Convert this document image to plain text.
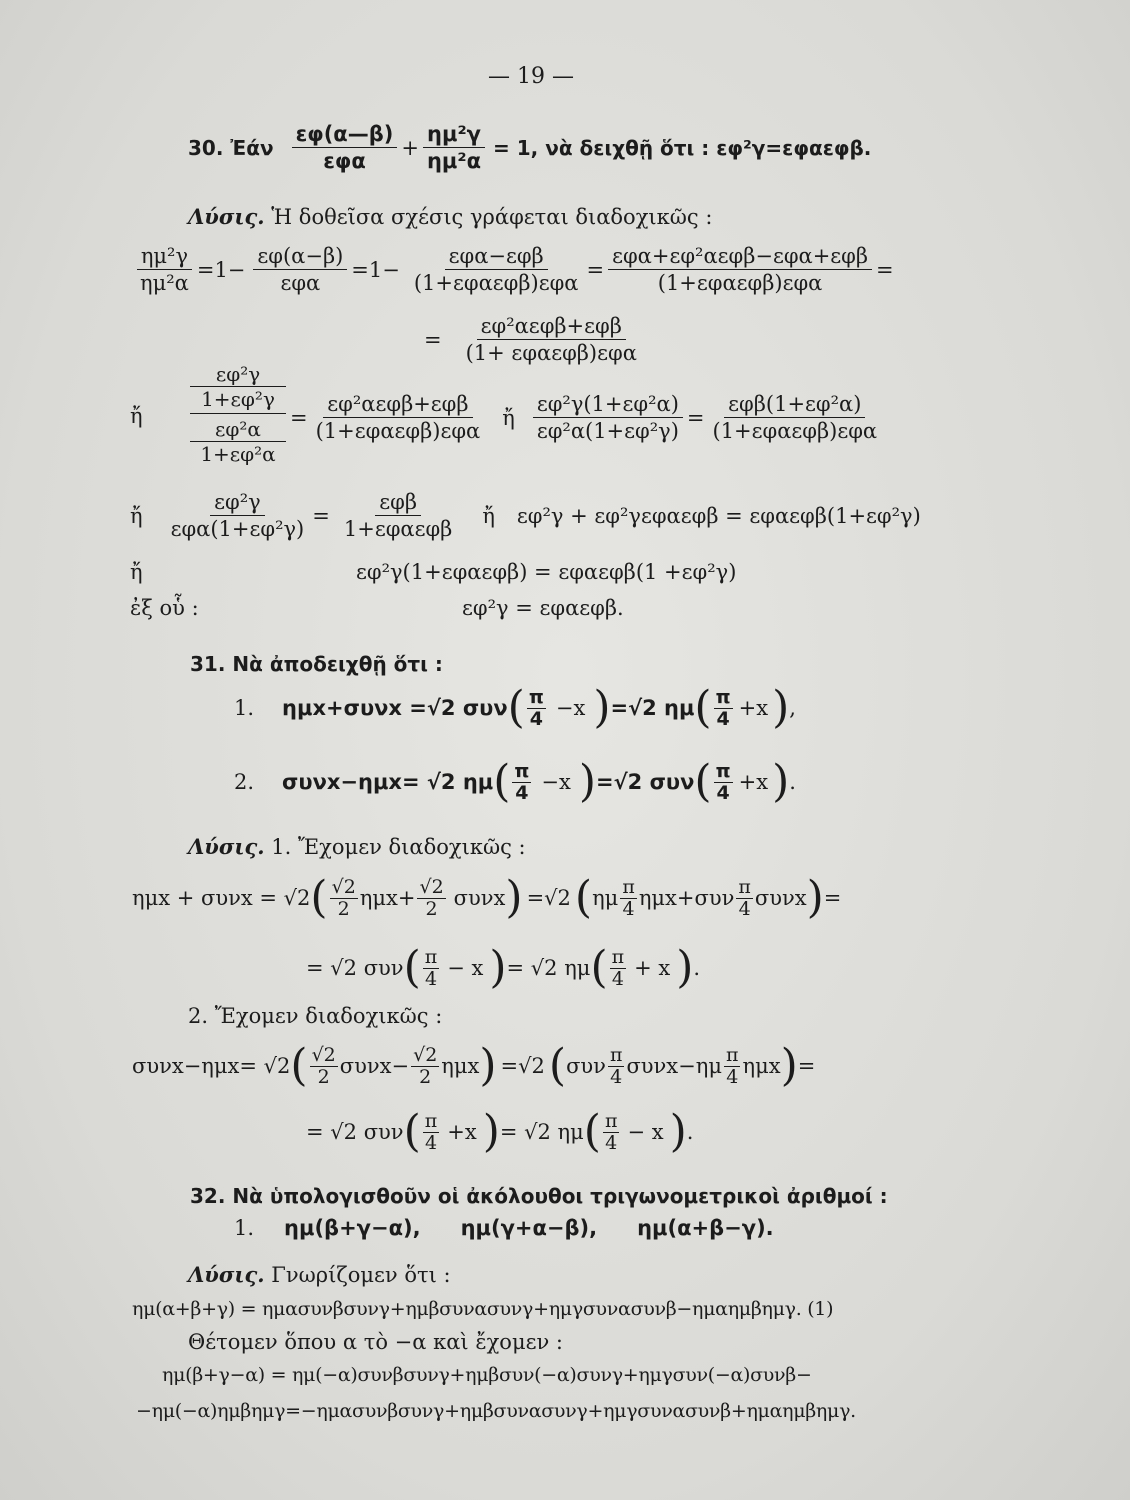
— 19 —
30. Ἐάν $\frac{\varepsilon\varphi(\alpha—\beta)}{\text{εφα}} + \frac{\text{ημ²γ}}{\text{ημ²α}} = 1$, νὰ δειχθῇ ὅτι : εφ²γ=εφαεφβ.
Λύσις. Ἡ δοθεῖσα σχέσις γράφεται διαδοχικῶς :
$\frac{\text{ημ²γ}}{\text{ημ²α}} =1- \frac{\varepsilon\varphi(\alpha-\beta)}{\text{εφα}} =1- \frac{\text{εφα−εφβ}}{\text{(1+εφαεφβ)εφα}} = \frac{\text{εφα+εφ²αεφβ−εφα+εφβ}}{\text{(1+εφαεφβ)εφα}}$ =
= $\frac{\text{εφ²αεφβ+εφβ}}{\text{(1+ εφαεφβ)εφα}}$
ἤ
εφ²γ
1+εφ²γ
εφ²α
1+εφ²α
= $\frac{\text{εφ²αεφβ+εφβ}}{\text{(1+εφαεφβ)εφα}}$ ἤ $\frac{\text{εφ²γ(1+εφ²α)}}{\text{εφ²α(1+εφ²γ)}} = \frac{\text{εφβ(1+εφ²α)}}{\text{(1+εφαεφβ)εφα}}$
ἤ $\frac{\text{εφ²γ}}{\text{εφα(1+εφ²γ)}} = \frac{\text{εφβ}}{\text{1+εφαεφβ}}$ ἤ εφ²γ + εφ²γεφαεφβ = εφαεφβ(1+εφ²γ)
ἤ	εφ²γ(1+εφαεφβ) = εφαεφβ(1 +εφ²γ)
ἐξ οὗ :	εφ²γ = εφαεφβ.
31. Νὰ ἀποδειχθῇ ὅτι :
1. ημx+συνx =√2 συν ( $\frac{\pi}{4} -x$ ) =√2 ημ ( $\frac{\pi}{4} +x$ ) ,
2. συνx−ημx= √2 ημ ( $\frac{\pi}{4} -x$ ) =√2 συν ( $\frac{\pi}{4} +x$ ) .
Λύσις. 1. Ἔχομεν διαδοχικῶς :
ημx + συνx = √2 ( $\frac{√2}{2} \eta\mu x+ \frac{√2}{2}$ συνx ) =√2 ( ημ $\frac{\pi}{4} \eta\mu x+\sigma\upsilon\nu \frac{\pi}{4}$ συνx ) =
= √2 συν ( $\frac{\pi}{4} - x$ ) = √2 ημ ( $\frac{\pi}{4} + x$ ) .
2. Ἔχομεν διαδοχικῶς :
συνx−ημx= √2 ( $\frac{√2}{2} \sigma\upsilon\nu x- \frac{√2}{2}$ ημx ) =√2 ( συν $\frac{\pi}{4} \sigma\upsilon\nu x-\eta\mu \frac{\pi}{4}$ ημx ) =
= √2 συν ( $\frac{\pi}{4} +x$ ) = √2 ημ ( $\frac{\pi}{4} - x$ ) .
32. Νὰ ὑπολογισθοῦν οἱ ἀκόλουθοι τριγωνομετρικοὶ ἀριθμοί :
1. ημ(β+γ−α), ημ(γ+α−β), ημ(α+β−γ).
Λύσις. Γνωρίζομεν ὅτι :
ημ(α+β+γ) = ημασυνβσυνγ+ημβσυνασυνγ+ημγσυνασυνβ−ημαημβημγ. (1)
Θέτομεν ὅπου α τὸ −α καὶ ἔχομεν :
ημ(β+γ−α) = ημ(−α)συνβσυνγ+ημβσυν(−α)συνγ+ημγσυν(−α)συνβ−
−ημ(−α)ημβημγ=−ημασυνβσυνγ+ημβσυνασυνγ+ημγσυνασυνβ+ημαημβημγ.
